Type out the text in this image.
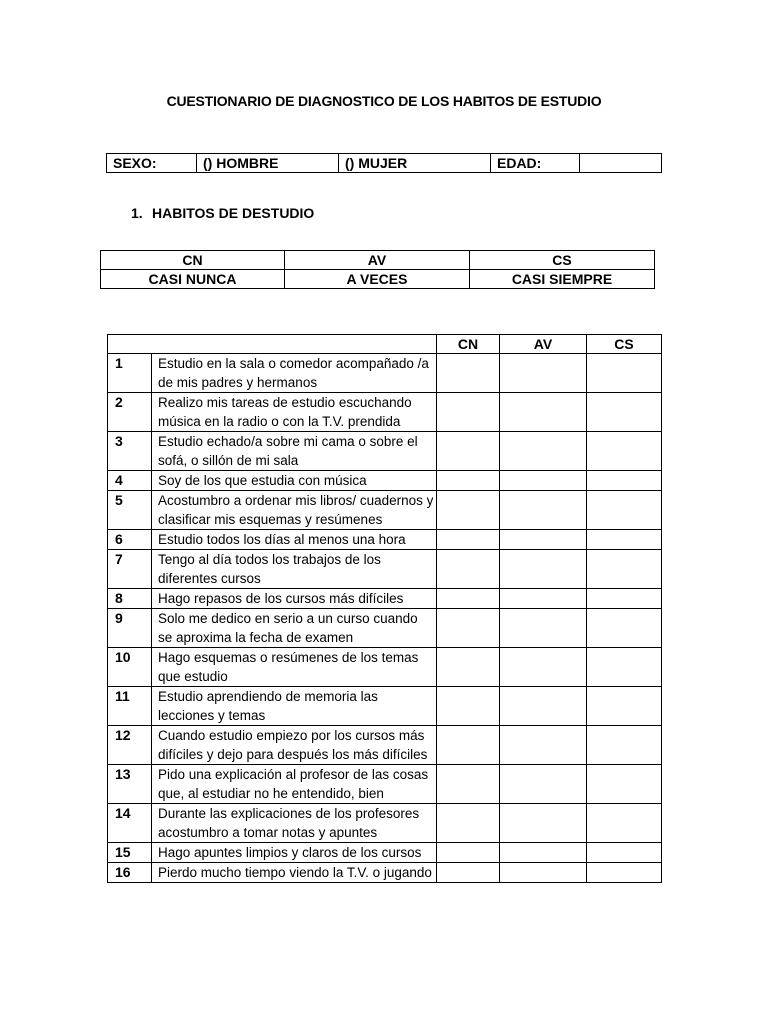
CUESTIONARIO DE DIAGNOSTICO DE LOS HABITOS DE ESTUDIO
SEXO:	() HOMBRE	() MUJER	EDAD:	
1. HABITOS DE DESTUDIO
CN	AV	CS
CASI NUNCA	A VECES	CASI SIEMPRE
		CN	AV	CS
1	Estudio en la sala o comedor acompañado /a de mis padres y hermanos			
2	Realizo mis tareas de estudio escuchando música en la radio o con la T.V. prendida			
3	Estudio echado/a sobre mi cama o sobre el sofá, o sillón de mi sala			
4	Soy de los que estudia con música			
5	Acostumbro a ordenar mis libros/ cuadernos y clasificar mis esquemas y resúmenes			
6	Estudio todos los días al menos una hora			
7	Tengo al día todos los trabajos de los diferentes cursos			
8	Hago repasos de los cursos más difíciles			
9	Solo me dedico en serio a un curso cuando se aproxima la fecha de examen			
10	Hago esquemas o resúmenes de los temas que estudio			
11	Estudio aprendiendo de memoria las lecciones y temas			
12	Cuando estudio empiezo por los cursos más difíciles y dejo para después los más difíciles			
13	Pido una explicación al profesor de las cosas que, al estudiar no he entendido, bien			
14	Durante las explicaciones de los profesores acostumbro a tomar notas y apuntes			
15	Hago apuntes limpios y claros de los cursos			
16	Pierdo mucho tiempo viendo la T.V. o jugando			
